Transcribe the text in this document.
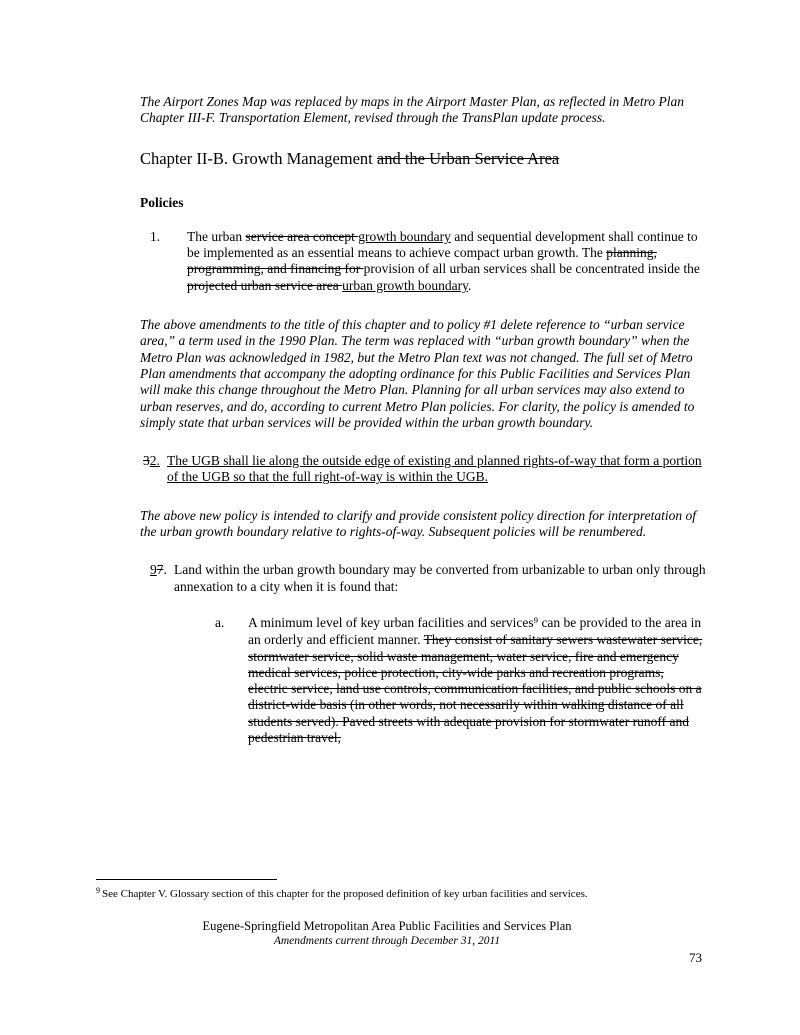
The Airport Zones Map was replaced by maps in the Airport Master Plan, as reflected in Metro Plan Chapter III-F. Transportation Element, revised through the TransPlan update process.
Chapter II-B. Growth Management and the Urban Service Area
Policies
1. The urban service area concept growth boundary and sequential development shall continue to be implemented as an essential means to achieve compact urban growth. The planning, programming, and financing for provision of all urban services shall be concentrated inside the projected urban service area urban growth boundary.
The above amendments to the title of this chapter and to policy #1 delete reference to “urban service area,” a term used in the 1990 Plan. The term was replaced with “urban growth boundary” when the Metro Plan was acknowledged in 1982, but the Metro Plan text was not changed. The full set of Metro Plan amendments that accompany the adopting ordinance for this Public Facilities and Services Plan will make this change throughout the Metro Plan. Planning for all urban services may also extend to urban reserves, and do, according to current Metro Plan policies. For clarity, the policy is amended to simply state that urban services will be provided within the urban growth boundary.
32. The UGB shall lie along the outside edge of existing and planned rights-of-way that form a portion of the UGB so that the full right-of-way is within the UGB.
The above new policy is intended to clarify and provide consistent policy direction for interpretation of the urban growth boundary relative to rights-of-way. Subsequent policies will be renumbered.
97. Land within the urban growth boundary may be converted from urbanizable to urban only through annexation to a city when it is found that:
a. A minimum level of key urban facilities and services$^9$ can be provided to the area in an orderly and efficient manner. They consist of sanitary sewers wastewater service, stormwater service, solid waste management, water service, fire and emergency medical services, police protection, city-wide parks and recreation programs, electric service, land use controls, communication facilities, and public schools on a district-wide basis (in other words, not necessarily within walking distance of all students served). Paved streets with adequate provision for stormwater runoff and pedestrian travel,
$^9$ See Chapter V. Glossary section of this chapter for the proposed definition of key urban facilities and services.
Eugene-Springfield Metropolitan Area Public Facilities and Services Plan
Amendments current through December 31, 2011
73
